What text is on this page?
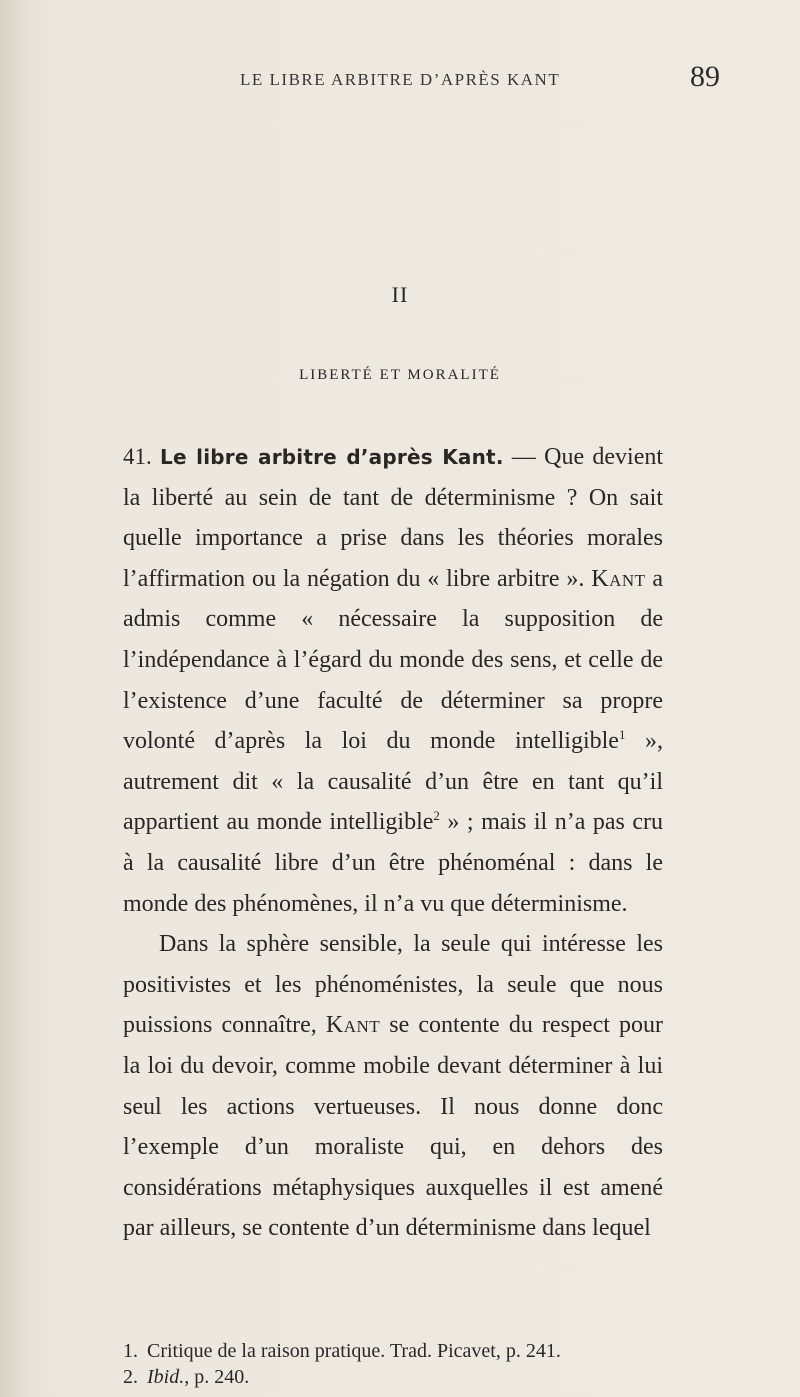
LE LIBRE ARBITRE D’APRÈS KANT	89
II
LIBERTÉ ET MORALITÉ

41. Le libre arbitre d’après Kant. — Que devient la liberté au sein de tant de déterminisme ? On sait quelle importance a prise dans les théories morales l’affirmation ou la négation du « libre arbitre ». Kant a admis comme « nécessaire la supposition de l’indépendance à l’égard du monde des sens, et celle de l’existence d’une faculté de déterminer sa propre volonté d’après la loi du monde intelligible$^1$ », autrement dit « la causalité d’un être en tant qu’il appartient au monde intelligible$^2$ » ; mais il n’a pas cru à la causalité libre d’un être phénoménal : dans le monde des phénomènes, il n’a vu que déterminisme.

Dans la sphère sensible, la seule qui intéresse les positivistes et les phénoménistes, la seule que nous puissions connaître, Kant se contente du respect pour la loi du devoir, comme mobile devant déterminer à lui seul les actions vertueuses. Il nous donne donc l’exemple d’un moraliste qui, en dehors des considérations métaphysiques auxquelles il est amené par ailleurs, se contente d’un déterminisme dans lequel

1. Critique de la raison pratique. Trad. Picavet, p. 241.
2. Ibid., p. 240.
